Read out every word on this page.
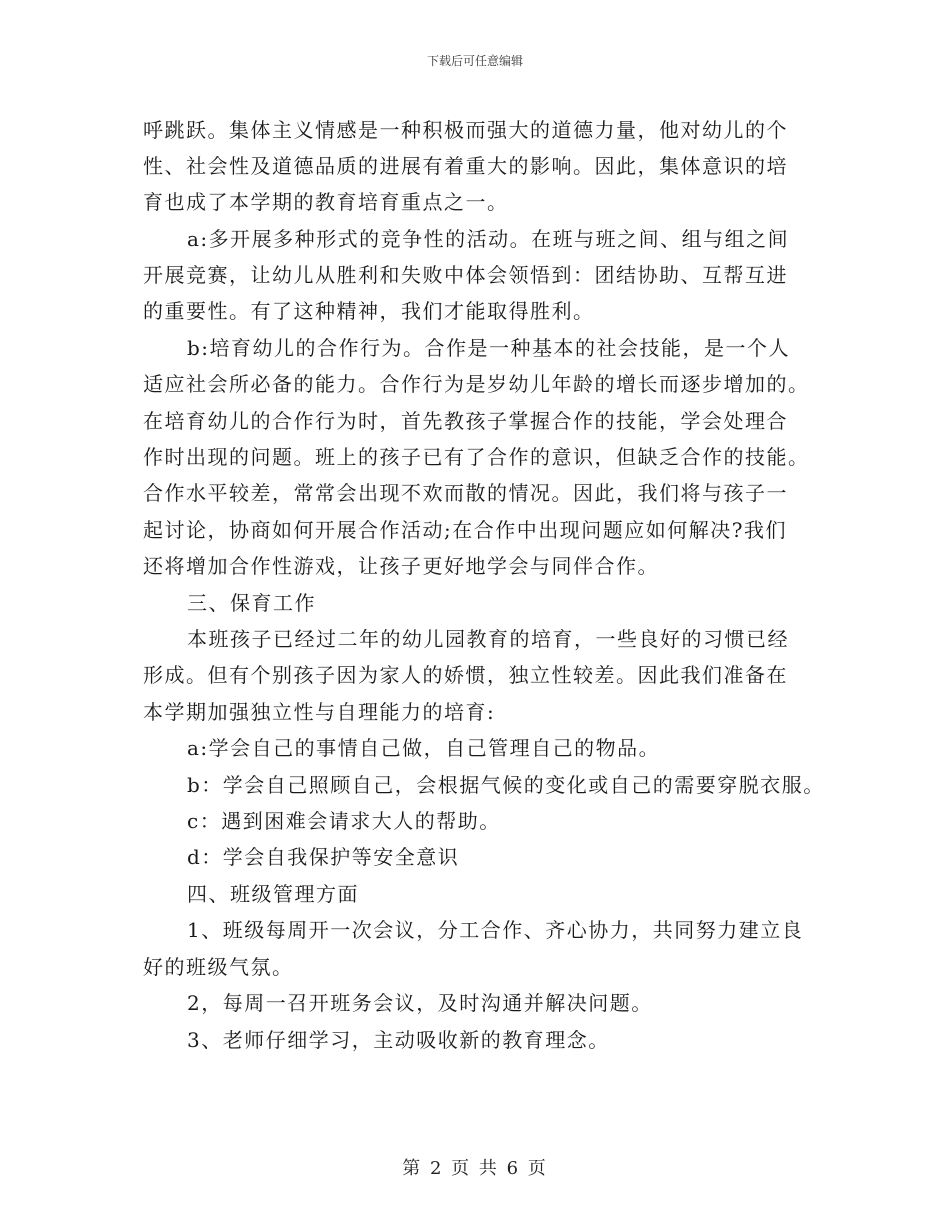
下载后可任意编辑
呼跳跃。集体主义情感是一种积极而强大的道德力量，他对幼儿的个
性、社会性及道德品质的进展有着重大的影响。因此，集体意识的培
育也成了本学期的教育培育重点之一。
a:多开展多种形式的竞争性的活动。在班与班之间、组与组之间
开展竞赛，让幼儿从胜利和失败中体会领悟到：团结协助、互帮互进
的重要性。有了这种精神，我们才能取得胜利。
b:培育幼儿的合作行为。合作是一种基本的社会技能，是一个人
适应社会所必备的能力。合作行为是岁幼儿年龄的增长而逐步增加的。
在培育幼儿的合作行为时，首先教孩子掌握合作的技能，学会处理合
作时出现的问题。班上的孩子已有了合作的意识，但缺乏合作的技能。
合作水平较差，常常会出现不欢而散的情况。因此，我们将与孩子一
起讨论，协商如何开展合作活动;在合作中出现问题应如何解决?我们
还将增加合作性游戏，让孩子更好地学会与同伴合作。
三、保育工作
本班孩子已经过二年的幼儿园教育的培育，一些良好的习惯已经
形成。但有个别孩子因为家人的娇惯，独立性较差。因此我们准备在
本学期加强独立性与自理能力的培育:
a:学会自己的事情自己做，自己管理自己的物品。
b：学会自己照顾自己，会根据气候的变化或自己的需要穿脱衣服。
c：遇到困难会请求大人的帮助。
d：学会自我保护等安全意识
四、班级管理方面
1、班级每周开一次会议，分工合作、齐心协力，共同努力建立良
好的班级气氛。
2，每周一召开班务会议，及时沟通并解决问题。
3、老师仔细学习，主动吸收新的教育理念。
第 2 页 共 6 页
